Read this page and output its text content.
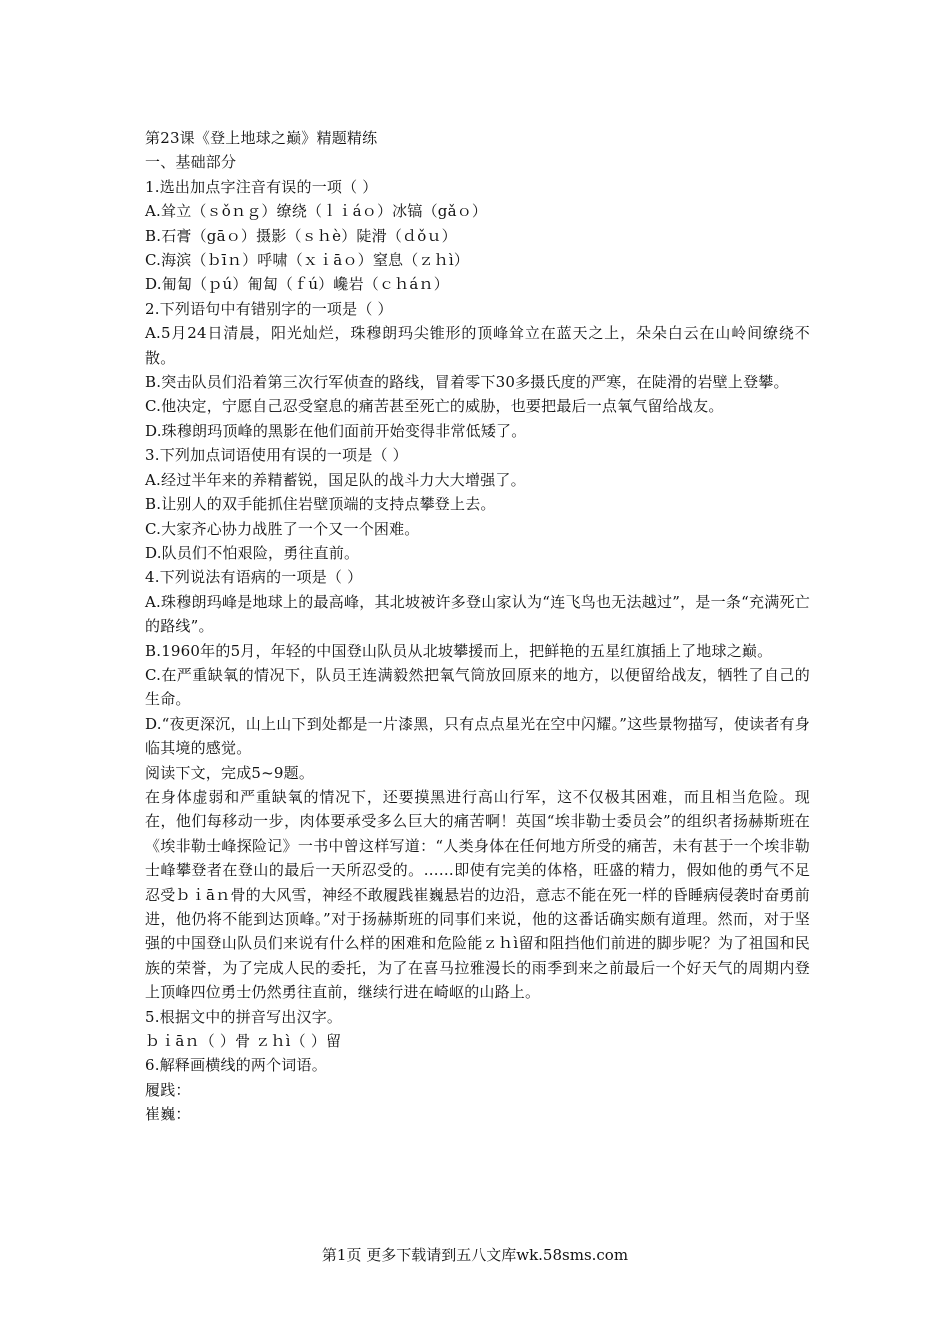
第23课《登上地球之巅》精题精练
一、基础部分
1.选出加点字注音有误的一项（ ）
A.耸立（ｓǒｎｇ）缭绕（ｌｉáｏ）冰镐（gǎｏ）
B.石膏（gāｏ）摄影（ｓｈè）陡滑（ｄǒｕ）
C.海滨（ｂīｎ）呼啸（ｘｉāｏ）窒息（ｚｈì）
D.匍匐（ｐú）匍匐（ｆú）巉岩（ｃｈáｎ）
2.下列语句中有错别字的一项是（ ）
A.5月24日清晨，阳光灿烂，珠穆朗玛尖锥形的顶峰耸立在蓝天之上，朵朵白云在山岭间缭绕不散。
B.突击队员们沿着第三次行军侦查的路线，冒着零下30多摄氏度的严寒，在陡滑的岩壁上登攀。
C.他决定，宁愿自己忍受窒息的痛苦甚至死亡的威胁，也要把最后一点氧气留给战友。
D.珠穆朗玛顶峰的黑影在他们面前开始变得非常低矮了。
3.下列加点词语使用有误的一项是（ ）
A.经过半年来的养精蓄锐，国足队的战斗力大大增强了。
B.让别人的双手能抓住岩壁顶端的支持点攀登上去。
C.大家齐心协力战胜了一个又一个困难。
D.队员们不怕艰险，勇往直前。
4.下列说法有语病的一项是（ ）
A.珠穆朗玛峰是地球上的最高峰，其北坡被许多登山家认为“连飞鸟也无法越过”，是一条“充满死亡的路线”。
B.1960年的5月，年轻的中国登山队员从北坡攀援而上，把鲜艳的五星红旗插上了地球之巅。
C.在严重缺氧的情况下，队员王连满毅然把氧气筒放回原来的地方，以便留给战友，牺牲了自己的生命。
D.“夜更深沉，山上山下到处都是一片漆黑，只有点点星光在空中闪耀。”这些景物描写，使读者有身临其境的感觉。
阅读下文，完成5~9题。
在身体虚弱和严重缺氧的情况下，还要摸黑进行高山行军，这不仅极其困难，而且相当危险。现在，他们每移动一步，肉体要承受多么巨大的痛苦啊！英国“埃非勒士委员会”的组织者扬赫斯班在《埃非勒士峰探险记》一书中曾这样写道：“人类身体在任何地方所受的痛苦，未有甚于一个埃非勒士峰攀登者在登山的最后一天所忍受的。……即使有完美的体格，旺盛的精力，假如他的勇气不足忍受ｂｉāｎ骨的大风雪，神经不敢履践崔巍悬岩的边沿，意志不能在死一样的昏睡病侵袭时奋勇前进，他仍将不能到达顶峰。”对于扬赫斯班的同事们来说，他的这番话确实颇有道理。然而，对于坚强的中国登山队员们来说有什么样的困难和危险能ｚｈì留和阻挡他们前进的脚步呢？为了祖国和民族的荣誉，为了完成人民的委托，为了在喜马拉雅漫长的雨季到来之前最后一个好天气的周期内登上顶峰四位勇士仍然勇往直前，继续行进在崎岖的山路上。
5.根据文中的拼音写出汉字。
ｂｉāｎ（ ）骨 ｚｈì（ ）留
6.解释画横线的两个词语。
履践：
崔巍：
第1页 更多下载请到五八文库wk.58sms.com
